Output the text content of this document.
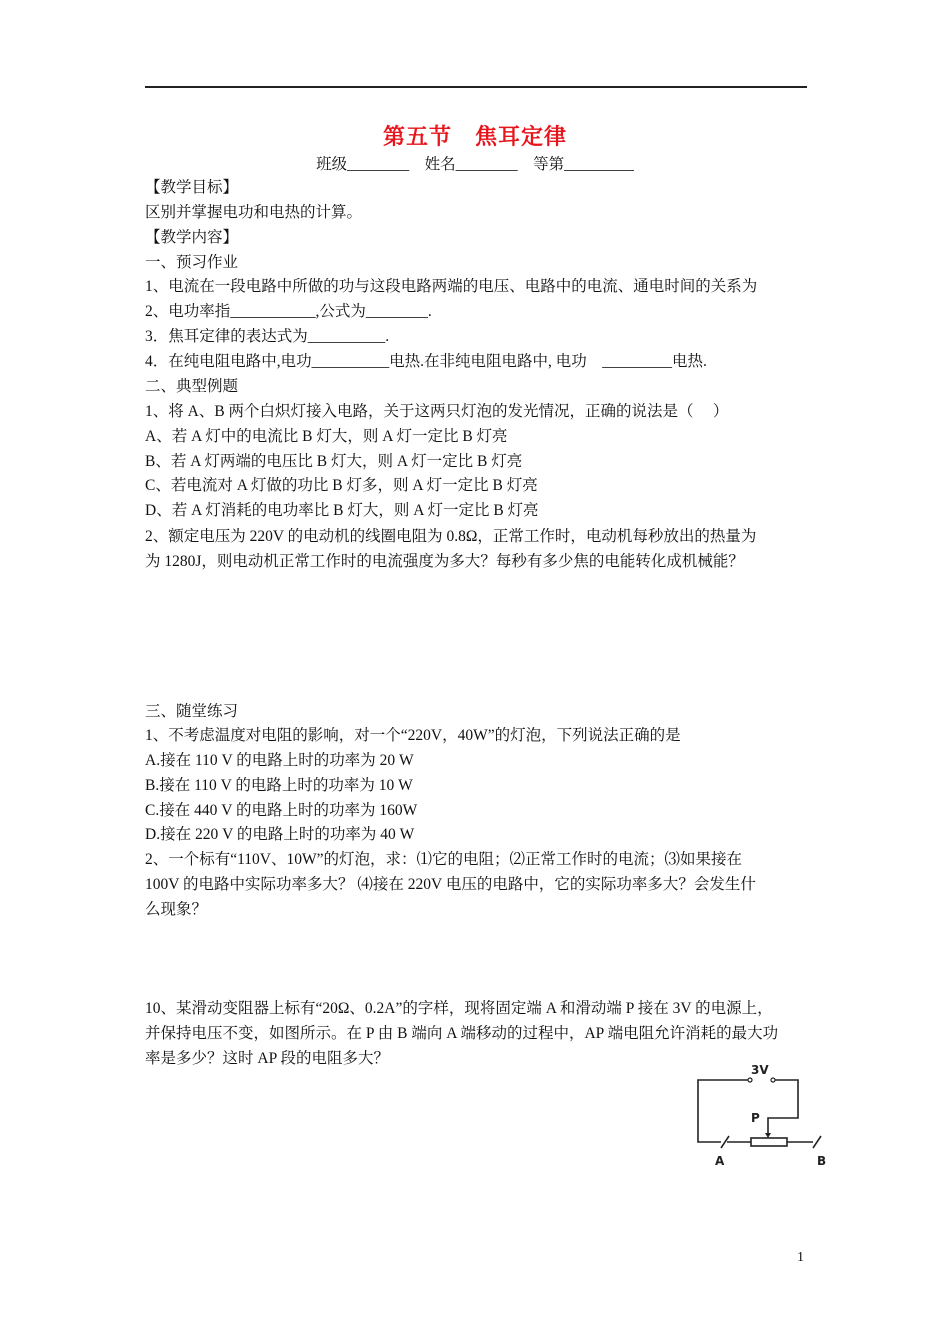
第五节　焦耳定律
班级________　姓名________　等第_________
【教学目标】
区别并掌握电功和电热的计算。
【教学内容】
一、预习作业
1、电流在一段电路中所做的功与这段电路两端的电压、电路中的电流、通电时间的关系为
2、电功率指___________,公式为________.
3．焦耳定律的表达式为__________.
4．在纯电阻电路中,电功__________电热.在非纯电阻电路中, 电功　_________电热.
二、典型例题
1、将 A、B 两个白炽灯接入电路，关于这两只灯泡的发光情况，正确的说法是（　 ）
A、若 A 灯中的电流比 B 灯大，则 A 灯一定比 B 灯亮
B、若 A 灯两端的电压比 B 灯大，则 A 灯一定比 B 灯亮
C、若电流对 A 灯做的功比 B 灯多，则 A 灯一定比 B 灯亮
D、若 A 灯消耗的电功率比 B 灯大，则 A 灯一定比 B 灯亮
2、额定电压为 220V 的电动机的线圈电阻为 0.8Ω，正常工作时，电动机每秒放出的热量为
为 1280J，则电动机正常工作时的电流强度为多大？每秒有多少焦的电能转化成机械能？
三、随堂练习
1、不考虑温度对电阻的影响，对一个“220V，40W”的灯泡，下列说法正确的是
A.接在 110 V 的电路上时的功率为 20 W
B.接在 110 V 的电路上时的功率为 10 W
C.接在 440 V 的电路上时的功率为 160W
D.接在 220 V 的电路上时的功率为 40 W
2、一个标有“110V、10W”的灯泡，求：⑴它的电阻；⑵正常工作时的电流；⑶如果接在
100V 的电路中实际功率多大？ ⑷接在 220V 电压的电路中，它的实际功率多大？会发生什
么现象？
10、某滑动变阻器上标有“20Ω、0.2A”的字样，现将固定端 A 和滑动端 P 接在 3V 的电源上，
并保持电压不变，如图所示。在 P 由 B 端向 A 端移动的过程中，AP 端电阻允许消耗的最大功
率是多少？这时 AP 段的电阻多大？
3V
P
A	B
1
